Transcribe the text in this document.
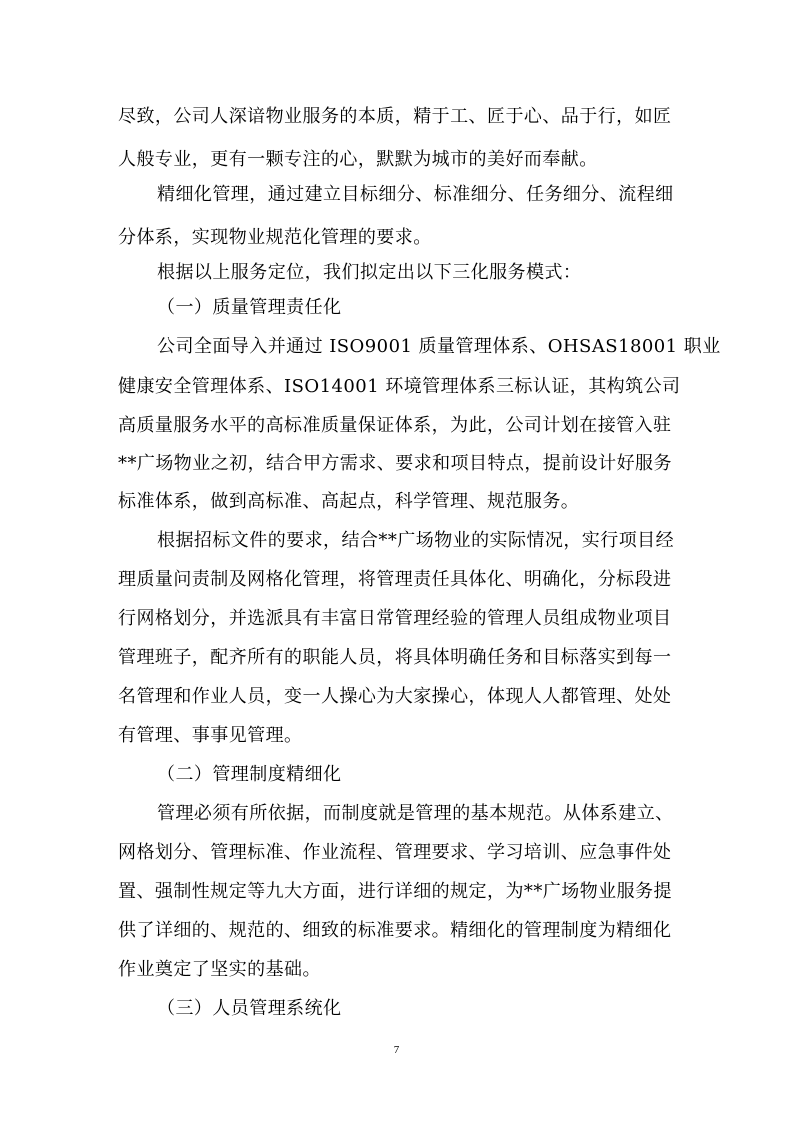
尽致，公司人深谙物业服务的本质，精于工、匠于心、品于行，如匠
人般专业，更有一颗专注的心，默默为城市的美好而奉献。
精细化管理，通过建立目标细分、标准细分、任务细分、流程细
分体系，实现物业规范化管理的要求。
根据以上服务定位，我们拟定出以下三化服务模式：
（一）质量管理责任化
公司全面导入并通过 ISO9001 质量管理体系、OHSAS18001 职业
健康安全管理体系、ISO14001 环境管理体系三标认证，其构筑公司
高质量服务水平的高标准质量保证体系，为此，公司计划在接管入驻
**广场物业之初，结合甲方需求、要求和项目特点，提前设计好服务
标准体系，做到高标准、高起点，科学管理、规范服务。
根据招标文件的要求，结合**广场物业的实际情况，实行项目经
理质量问责制及网格化管理，将管理责任具体化、明确化，分标段进
行网格划分，并选派具有丰富日常管理经验的管理人员组成物业项目
管理班子，配齐所有的职能人员，将具体明确任务和目标落实到每一
名管理和作业人员，变一人操心为大家操心，体现人人都管理、处处
有管理、事事见管理。
（二）管理制度精细化
管理必须有所依据，而制度就是管理的基本规范。从体系建立、
网格划分、管理标准、作业流程、管理要求、学习培训、应急事件处
置、强制性规定等九大方面，进行详细的规定，为**广场物业服务提
供了详细的、规范的、细致的标准要求。精细化的管理制度为精细化
作业奠定了坚实的基础。
（三）人员管理系统化
7
